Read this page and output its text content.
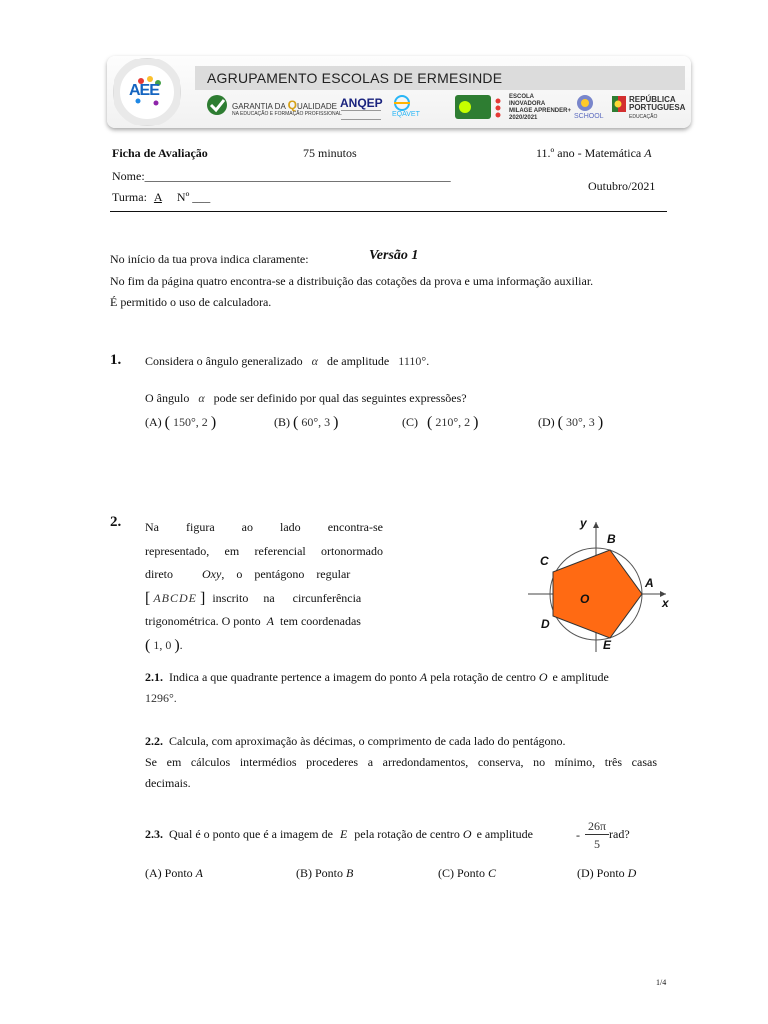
AEE
AGRUPAMENTO ESCOLAS DE ERMESINDE
GARANTIA DA QUALIDADE
NA EDUCAÇÃO E FORMAÇÃO PROFISSIONAL
ANQEP
EQAVET
ESCOLA
INOVADORA
MILAGE APRENDER+
2020/2021	SCHOOL
REPÚBLICA
PORTUGUESA
EDUCAÇÃO
Ficha de Avaliação	75 minutos	11.º ano - Matemática A
Nome:___________________________________________________
Outubro/2021
Turma: A Nº ___
No início da tua prova indica claramente:	Versão 1
No fim da página quatro encontra-se a distribuição das cotações da prova e uma informação auxiliar.
É permitido o uso de calculadora.
1. Considera o ângulo generalizado α de amplitude 1110°.
O ângulo α pode ser definido por qual das seguintes expressões?
(A) ( 150°, 2 )	(B) ( 60°, 3 )	(C) ( 210°, 2 )	(D) ( 30°, 3 )
2. Na         figura         ao         lado         encontra-se
representado, em referencial ortonormado
direto Oxy,    o    pentágono    regular
[ ABCDE ] inscrito     na      circunferência
trigonométrica. O ponto A tem coordenadas
( 1, 0 ).
x
y
O
A
B
C
D
E
2.1. Indica a que quadrante pertence a imagem do ponto A pela rotação de centro O e amplitude
1296°.
2.2. Calcula, com aproximação às décimas, o comprimento de cada lado do pentágono.
Se  em  cálculos  intermédios  procederes  a  arredondamentos,  conserva,  no  mínimo,  três  casas
decimais.
2.3. Qual é o ponto que é a imagem de E pela rotação de centro O e amplitude	-
26π
5
rad?
(A) Ponto A	(B) Ponto B	(C) Ponto C	(D) Ponto D
1/4
